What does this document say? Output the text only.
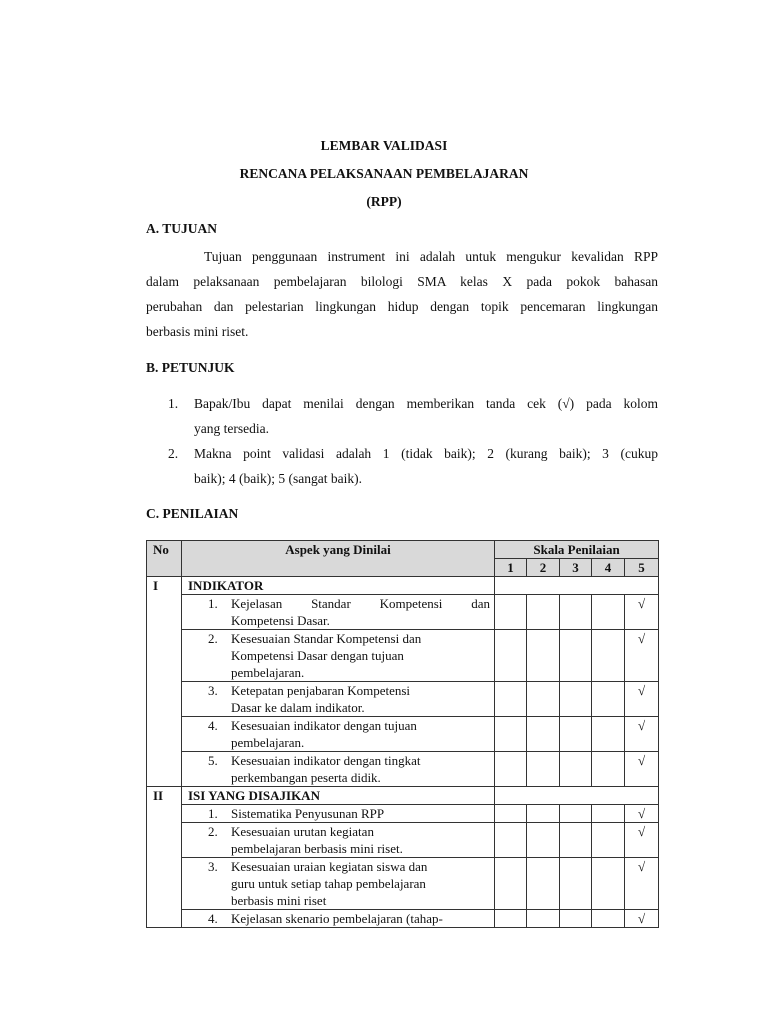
LEMBAR VALIDASI
RENCANA PELAKSANAAN PEMBELAJARAN
(RPP)
A. TUJUAN
Tujuan penggunaan instrument ini adalah untuk mengukur kevalidan RPP
dalam pelaksanaan pembelajaran bilologi SMA kelas X pada pokok bahasan
perubahan dan pelestarian lingkungan hidup dengan topik pencemaran lingkungan
berbasis mini riset.
B. PETUNJUK
1. Bapak/Ibu dapat menilai dengan memberikan tanda cek (√) pada kolom
yang tersedia.
2. Makna point validasi adalah 1 (tidak baik); 2 (kurang baik); 3 (cukup
baik); 4 (baik); 5 (sangat baik).
C. PENILAIAN
No	Aspek yang Dinilai	Skala Penilaian				
		1	2	3	4	5
I	INDIKATOR					

	1. Kejelasan Standar Kompetensi dan
Kompetensi Dasar.					√

	2. Kesesuaian Standar Kompetensi dan
Kompetensi Dasar dengan tujuan
pembelajaran.					√

	3. Ketepatan penjabaran Kompetensi
Dasar ke dalam indikator.					√

	4. Kesesuaian indikator dengan tujuan
pembelajaran.					√

	5. Kesesuaian indikator dengan tingkat
perkembangan peserta didik.					√
II	ISI YANG DISAJIKAN					

	1. Sistematika Penyusunan RPP					√

	2. Kesesuaian urutan kegiatan
pembelajaran berbasis mini riset.					√

	3. Kesesuaian uraian kegiatan siswa dan
guru untuk setiap tahap pembelajaran
berbasis mini riset					√

	4. Kejelasan skenario pembelajaran (tahap-					√
